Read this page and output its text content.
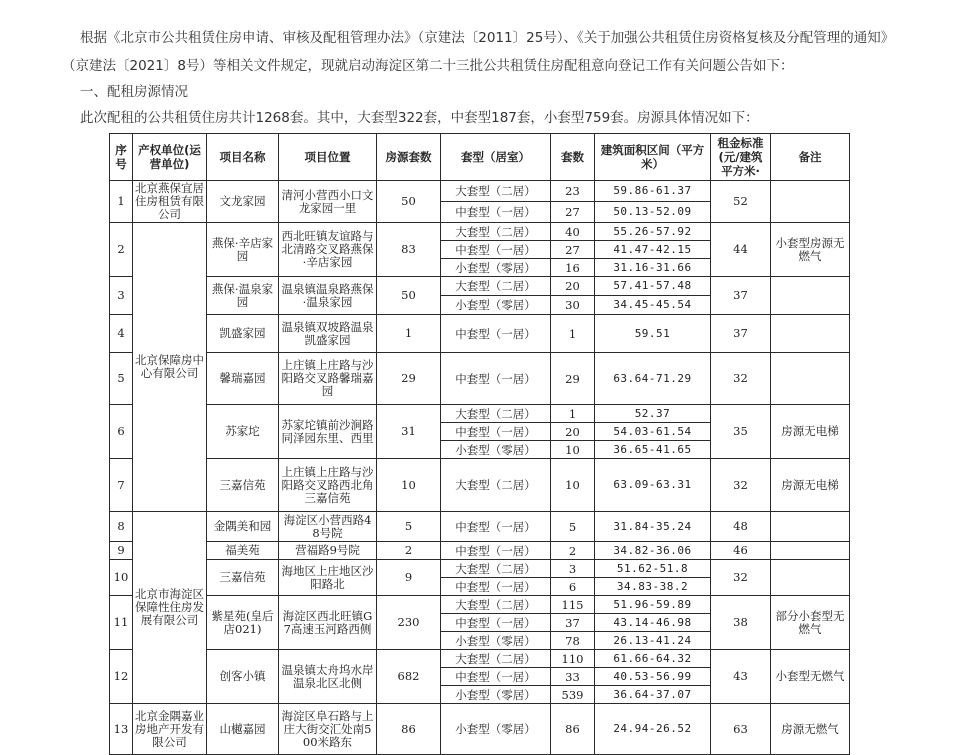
根据《北京市公共租赁住房申请、审核及配租管理办法》（京建法〔2011〕25号）、《关于加强公共租赁住房资格复核及分配管理的通知》
（京建法〔2021〕8号）等相关文件规定，现就启动海淀区第二十三批公共租赁住房配租意向登记工作有关问题公告如下：
一、配租房源情况
此次配租的公共租赁住房共计1268套。其中，大套型322套，中套型187套，小套型759套。房源具体情况如下：
序号	产权单位(运营单位)	项目名称	项目位置	房源套数	套型（居室）	套数	建筑面积区间（平方米）	租金标准(元/建筑平方米·	备注
1	北京燕保宜居住房租赁有限公司	文龙家园	清河小营西小口文龙家园一里	50	大套型（二居）	23	59.86-61.37	52	
					中套型（一居）	27	50.13-52.09		
2	北京保障房中心有限公司	燕保·辛店家园	西北旺镇友谊路与北清路交叉路燕保·辛店家园	83	大套型（二居）	40	55.26-57.92	44	小套型房源无燃气
					中套型（一居）	27	41.47-42.15		
					小套型（零居）	16	31.16-31.66		
3		燕保·温泉家园	温泉镇温泉路燕保·温泉家园	50	大套型（二居）	20	57.41-57.48	37	
					小套型（零居）	30	34.45-45.54		
4		凯盛家园	温泉镇双坡路温泉凯盛家园	1	中套型（一居）	1	59.51	37	
5		馨瑞嘉园	上庄镇上庄路与沙阳路交叉路馨瑞嘉园	29	中套型（一居）	29	63.64-71.29	32	
6		苏家坨	苏家坨镇前沙涧路同泽园东里、西里	31	大套型（二居）	1	52.37	35	房源无电梯
					中套型（一居）	20	54.03-61.54		
					小套型（零居）	10	36.65-41.65		
7		三嘉信苑	上庄镇上庄路与沙阳路交叉路西北角三嘉信苑	10	大套型（二居）	10	63.09-63.31	32	房源无电梯
8	北京市海淀区保障性住房发展有限公司	金隅美和园	海淀区小营西路48号院	5	中套型（一居）	5	31.84-35.24	48	
9		福美苑	营福路9号院	2	中套型（一居）	2	34.82-36.06	46	
10		三嘉信苑	海地区上庄地区沙阳路北	9	大套型（二居）	3	51.62-51.8	32	
					中套型（一居）	6	34.83-38.2		
11		紫星苑(皇后店021)	海淀区西北旺镇G7高速玉河路西侧	230	大套型（二居）	115	51.96-59.89	38	部分小套型无燃气
					中套型（一居）	37	43.14-46.98		
					小套型（零居）	78	26.13-41.24		
12		创客小镇	温泉镇太舟坞水岸温泉北区北侧	682	大套型（二居）	110	61.66-64.32	43	小套型无燃气
					中套型（一居）	33	40.53-56.99		
					小套型（零居）	539	36.64-37.07		
13	北京金隅嘉业房地产开发有限公司	山樾嘉园	海淀区阜石路与上庄大街交汇处南500米路东	86	小套型（零居）	86	24.94-26.52	63	房源无燃气
